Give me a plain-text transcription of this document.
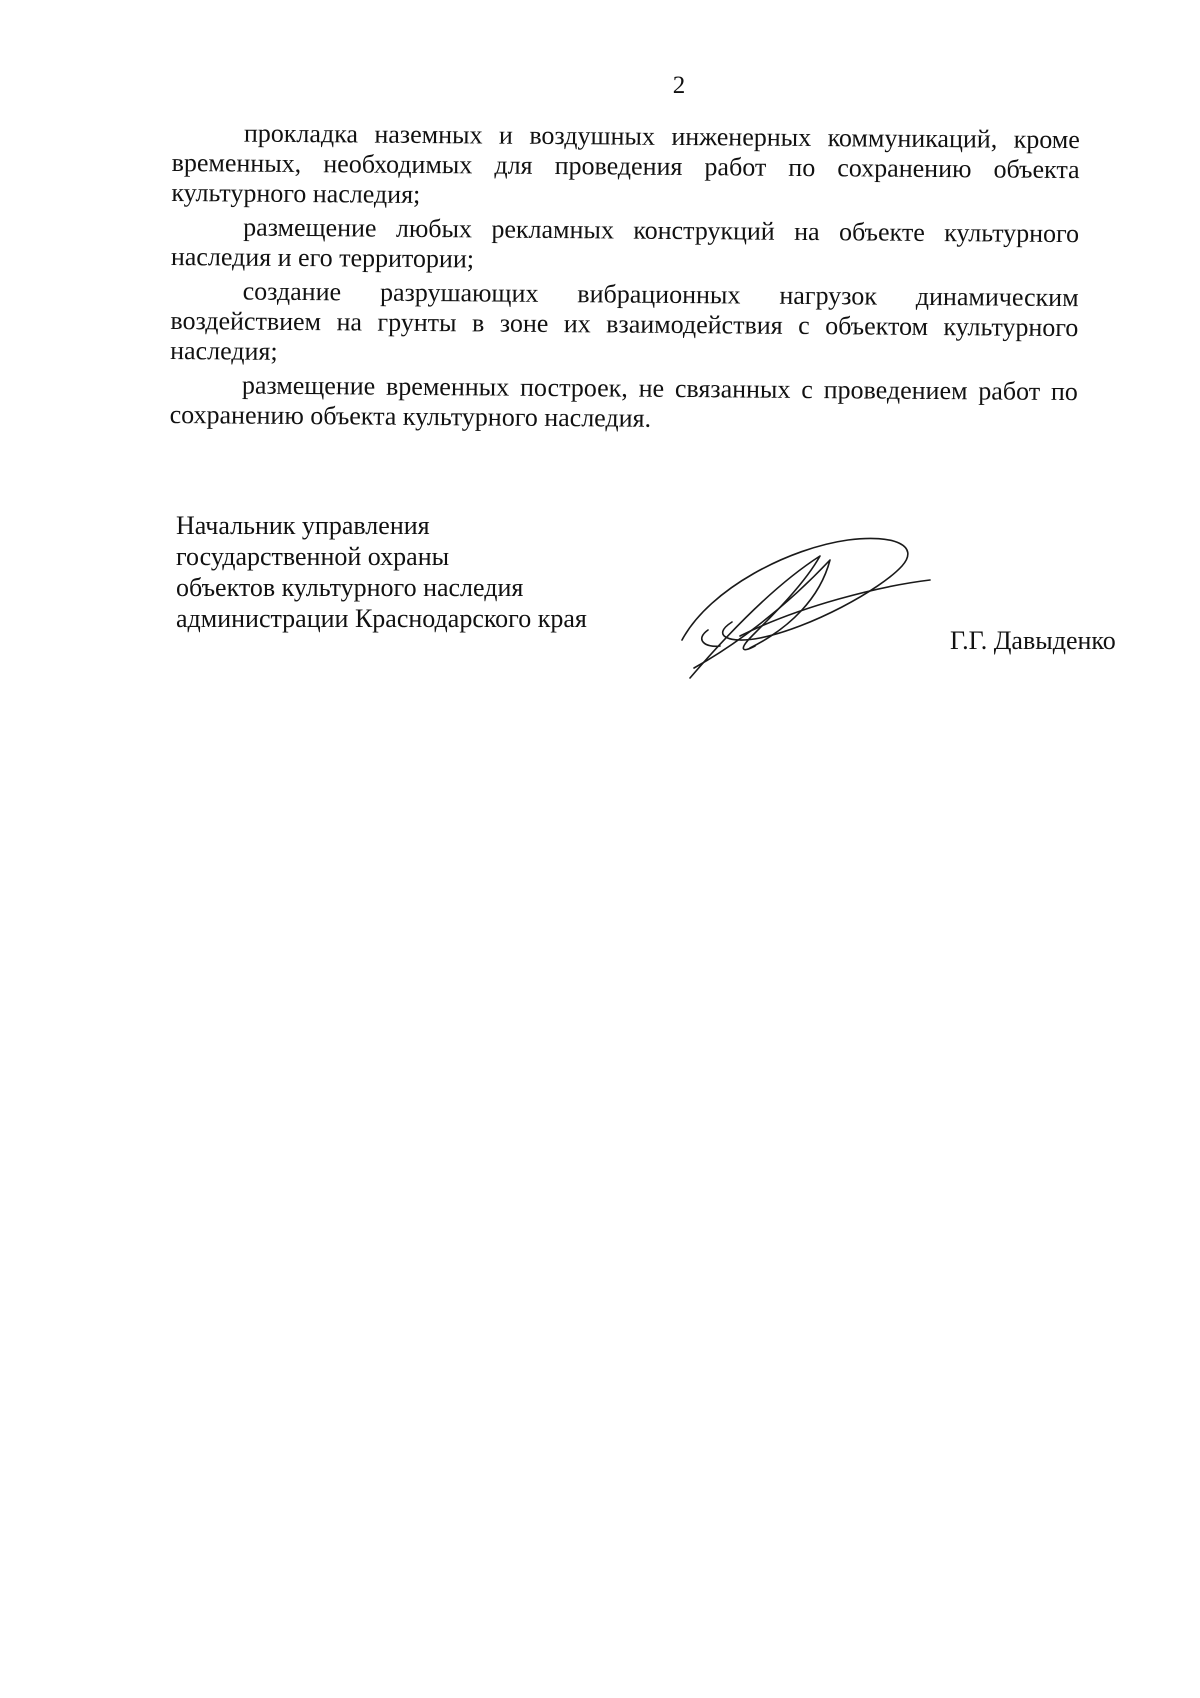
2

прокладка наземных и воздушных инженерных коммуникаций, кроме временных, необходимых для проведения работ по сохранению объекта культурного наследия;

размещение любых рекламных конструкций на объекте культурного наследия и его территории;

создание разрушающих вибрационных нагрузок динамическим воздействием на грунты в зоне их взаимодействия с объектом культурного наследия;

размещение временных построек, не связанных с проведением работ по сохранению объекта культурного наследия.

Начальник управления
государственной охраны
объектов культурного наследия
администрации Краснодарского края
Г.Г. Давыденко
